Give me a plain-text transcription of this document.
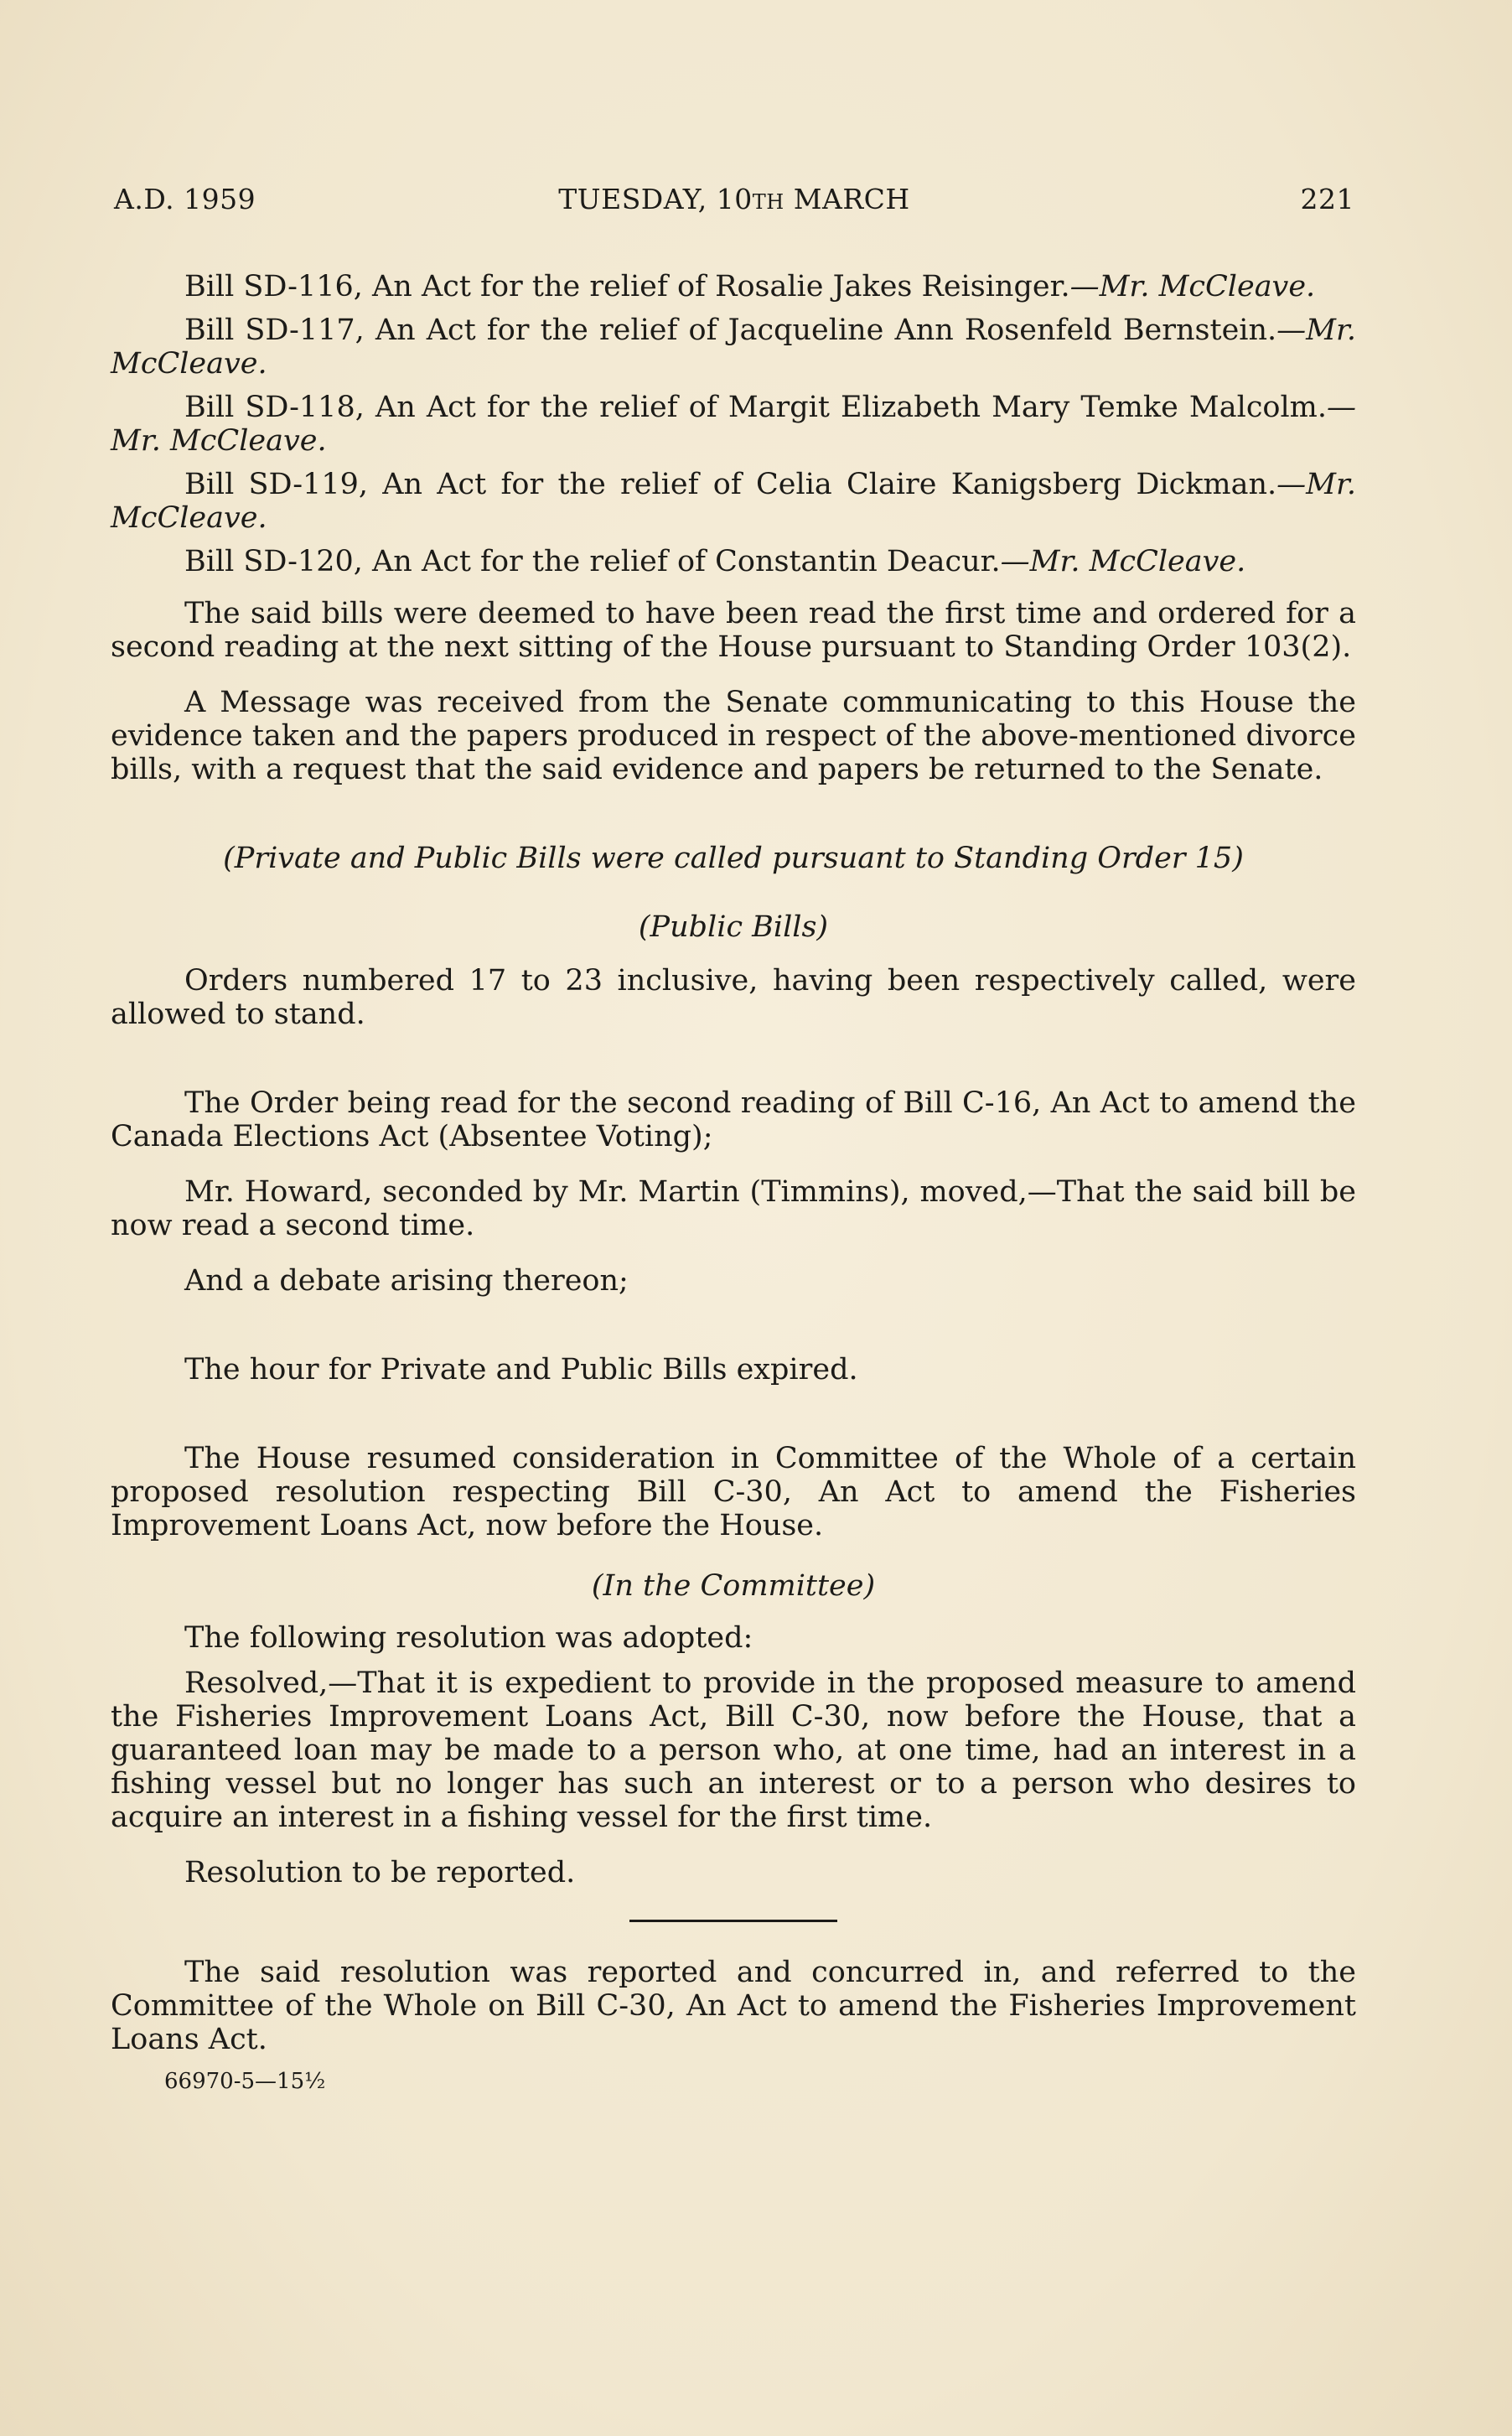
A.D. 1959	TUESDAY, 10TH MARCH	221

Bill SD-116, An Act for the relief of Rosalie Jakes Reisinger.—Mr. McCleave.

Bill SD-117, An Act for the relief of Jacqueline Ann Rosenfeld Bernstein.—Mr. McCleave.

Bill SD-118, An Act for the relief of Margit Elizabeth Mary Temke Malcolm.—Mr. McCleave.

Bill SD-119, An Act for the relief of Celia Claire Kanigsberg Dickman.—Mr. McCleave.

Bill SD-120, An Act for the relief of Constantin Deacur.—Mr. McCleave.

The said bills were deemed to have been read the first time and ordered for a second reading at the next sitting of the House pursuant to Standing Order 103(2).

A Message was received from the Senate communicating to this House the evidence taken and the papers produced in respect of the above-mentioned divorce bills, with a request that the said evidence and papers be returned to the Senate.

(Private and Public Bills were called pursuant to Standing Order 15)

(Public Bills)

Orders numbered 17 to 23 inclusive, having been respectively called, were allowed to stand.

The Order being read for the second reading of Bill C-16, An Act to amend the Canada Elections Act (Absentee Voting);

Mr. Howard, seconded by Mr. Martin (Timmins), moved,—That the said bill be now read a second time.

And a debate arising thereon;

The hour for Private and Public Bills expired.

The House resumed consideration in Committee of the Whole of a certain proposed resolution respecting Bill C-30, An Act to amend the Fisheries Improvement Loans Act, now before the House.

(In the Committee)

The following resolution was adopted:

Resolved,—That it is expedient to provide in the proposed measure to amend the Fisheries Improvement Loans Act, Bill C-30, now before the House, that a guaranteed loan may be made to a person who, at one time, had an interest in a fishing vessel but no longer has such an interest or to a person who desires to acquire an interest in a fishing vessel for the first time.

Resolution to be reported.

The said resolution was reported and concurred in, and referred to the Committee of the Whole on Bill C-30, An Act to amend the Fisheries Improvement Loans Act.

66970-5—15½
